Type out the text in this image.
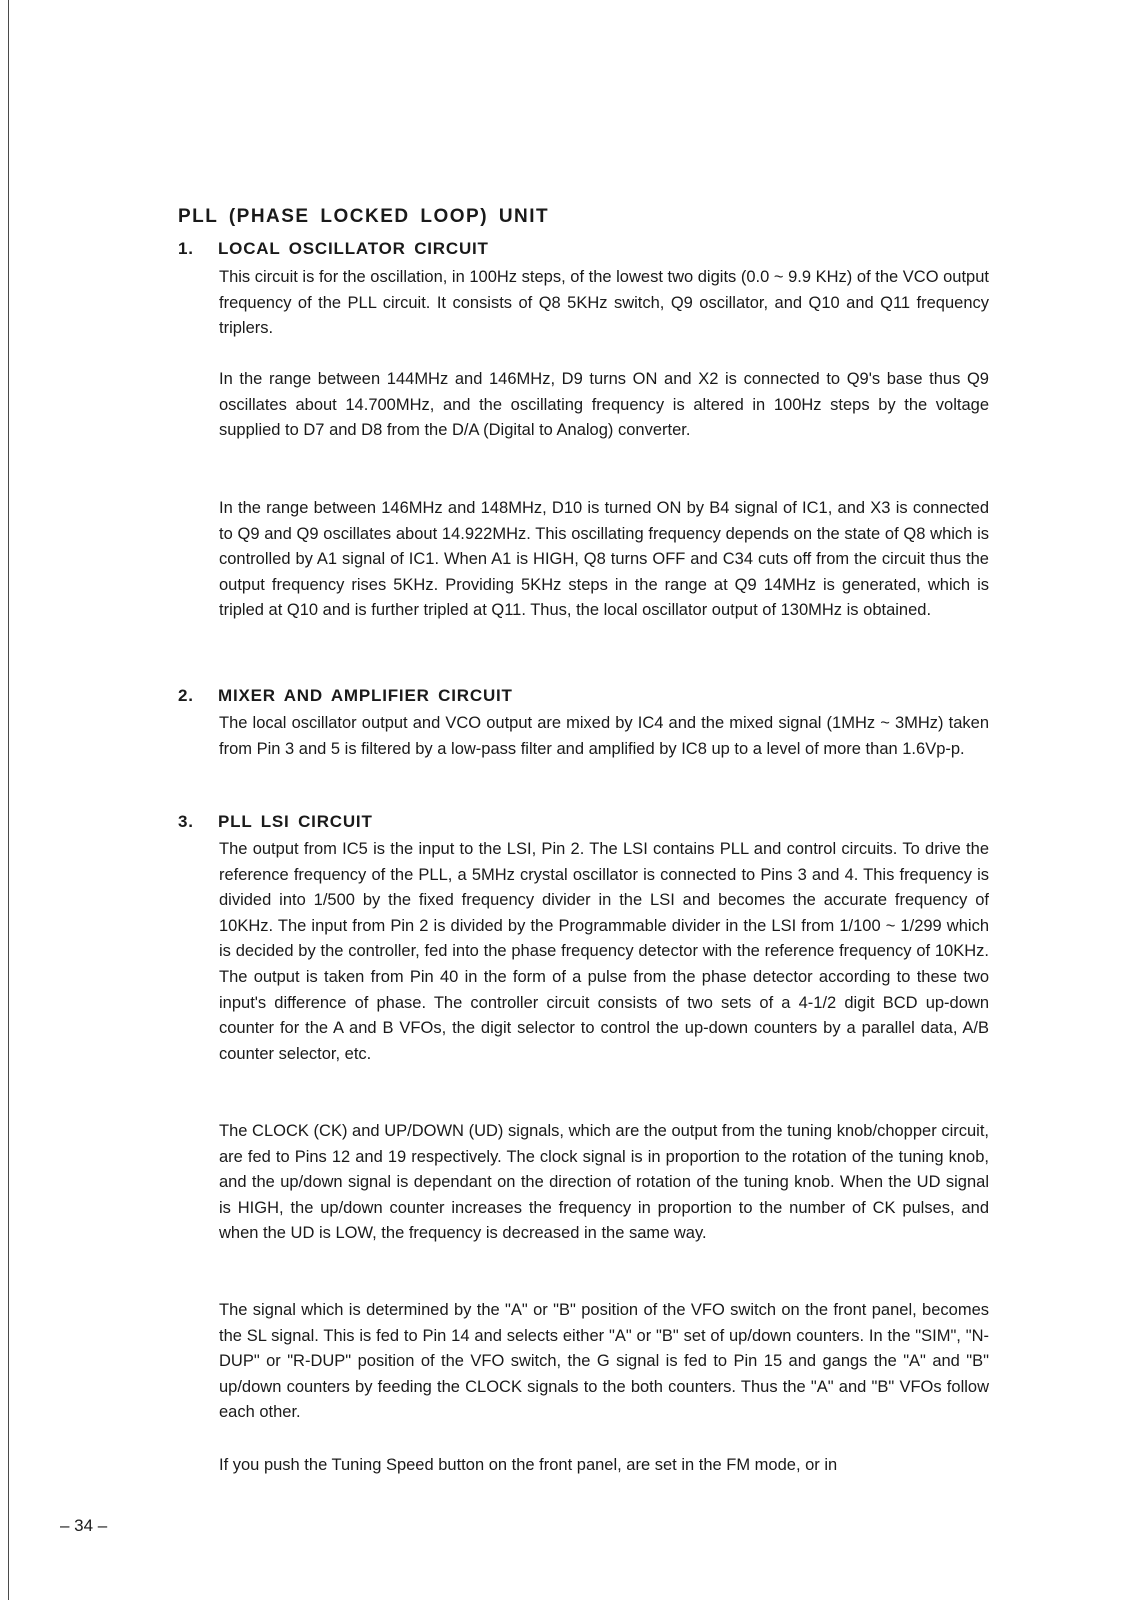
PLL (PHASE LOCKED LOOP) UNIT
1. LOCAL OSCILLATOR CIRCUIT

This circuit is for the oscillation, in 100Hz steps, of the lowest two digits (0.0 ~ 9.9 KHz) of the VCO output frequency of the PLL circuit. It consists of Q8 5KHz switch, Q9 oscillator, and Q10 and Q11 frequency triplers.

In the range between 144MHz and 146MHz, D9 turns ON and X2 is connected to Q9's base thus Q9 oscillates about 14.700MHz, and the oscillating frequency is altered in 100Hz steps by the voltage supplied to D7 and D8 from the D/A (Digital to Analog) converter.

In the range between 146MHz and 148MHz, D10 is turned ON by B4 signal of IC1, and X3 is connected to Q9 and Q9 oscillates about 14.922MHz. This oscillating frequency depends on the state of Q8 which is controlled by A1 signal of IC1. When A1 is HIGH, Q8 turns OFF and C34 cuts off from the circuit thus the output frequency rises 5KHz. Providing 5KHz steps in the range at Q9 14MHz is generated, which is tripled at Q10 and is further tripled at Q11. Thus, the local oscillator output of 130MHz is obtained.

2. MIXER AND AMPLIFIER CIRCUIT

The local oscillator output and VCO output are mixed by IC4 and the mixed signal (1MHz ~ 3MHz) taken from Pin 3 and 5 is filtered by a low-pass filter and amplified by IC8 up to a level of more than 1.6Vp-p.

3. PLL LSI CIRCUIT

The output from IC5 is the input to the LSI, Pin 2. The LSI contains PLL and control circuits. To drive the reference frequency of the PLL, a 5MHz crystal oscillator is connected to Pins 3 and 4. This frequency is divided into 1/500 by the fixed frequency divider in the LSI and becomes the accurate frequency of 10KHz. The input from Pin 2 is divided by the Programmable divider in the LSI from 1/100 ~ 1/299 which is decided by the controller, fed into the phase frequency detector with the reference frequency of 10KHz. The output is taken from Pin 40 in the form of a pulse from the phase detector according to these two input's difference of phase. The controller circuit consists of two sets of a 4-1/2 digit BCD up-down counter for the A and B VFOs, the digit selector to control the up-down counters by a parallel data, A/B counter selector, etc.

The CLOCK (CK) and UP/DOWN (UD) signals, which are the output from the tuning knob/chopper circuit, are fed to Pins 12 and 19 respectively. The clock signal is in proportion to the rotation of the tuning knob, and the up/down signal is dependant on the direction of rotation of the tuning knob. When the UD signal is HIGH, the up/down counter increases the frequency in proportion to the number of CK pulses, and when the UD is LOW, the frequency is decreased in the same way.

The signal which is determined by the "A" or "B" position of the VFO switch on the front panel, becomes the SL signal. This is fed to Pin 14 and selects either "A" or "B" set of up/down counters. In the "SIM", "N-DUP" or "R-DUP" position of the VFO switch, the G signal is fed to Pin 15 and gangs the "A" and "B" up/down counters by feeding the CLOCK signals to the both counters. Thus the "A" and "B" VFOs follow each other.

If you push the Tuning Speed button on the front panel, are set in the FM mode, or in

– 34 –
